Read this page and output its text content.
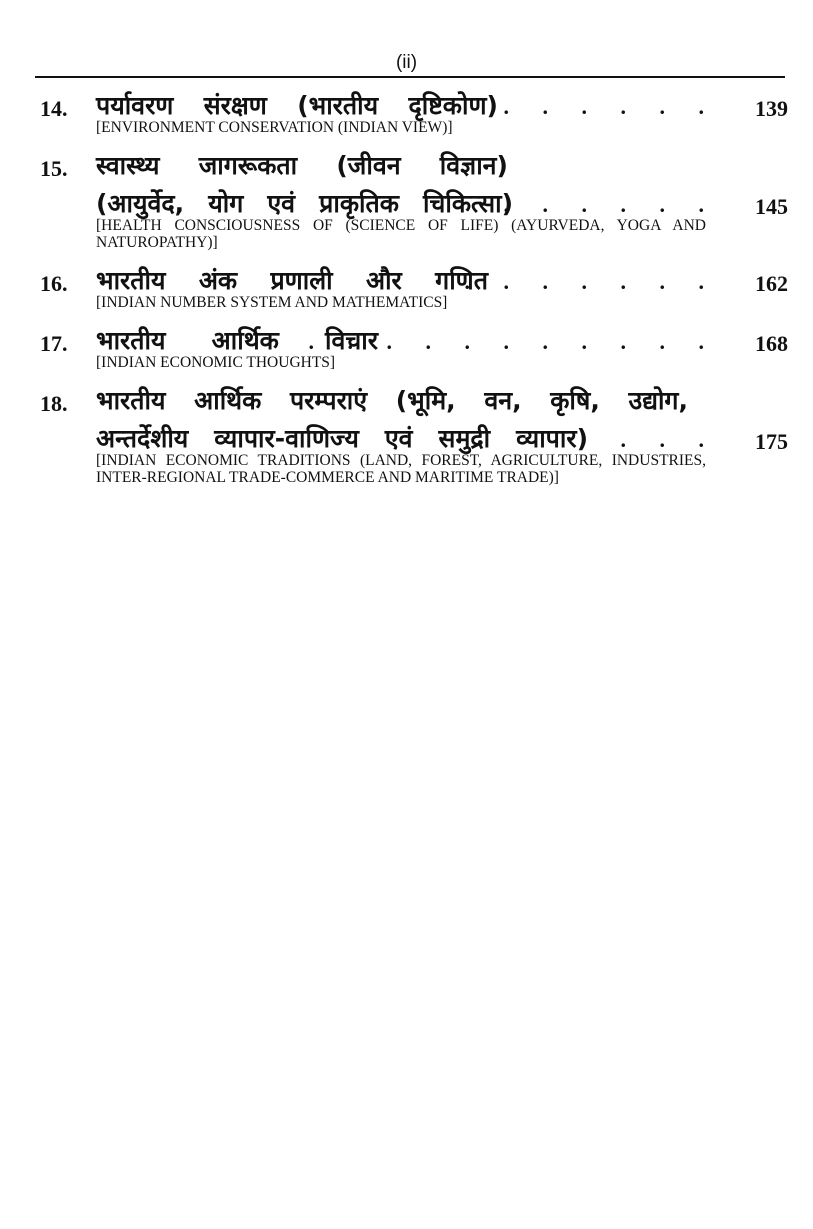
(ii)
14. पर्यावरण संरक्षण (भारतीय दृष्टिकोण) . . . . . . 139
[ENVIRONMENT CONSERVATION (INDIAN VIEW)]
15. स्वास्थ्य जागरूकता (जीवन विज्ञान)
(आयुर्वेद, योग एवं प्राकृतिक चिकित्सा)
. . . . . . 145
[HEALTH CONSCIOUSNESS OF (SCIENCE OF LIFE) (AYURVEDA, YOGA AND NATUROPATHY)]
16. भारतीय अंक प्रणाली और गणित
. . . . . . . 162
[INDIAN NUMBER SYSTEM AND MATHEMATICS]
17. भारतीय आर्थिक विचार
. . . . . . . . . . . 168
[INDIAN ECONOMIC THOUGHTS]
18. भारतीय आर्थिक परम्पराएं (भूमि, वन, कृषि, उद्योग,
अन्तर्देशीय व्यापार-वाणिज्य एवं समुद्री व्यापार) . . . 175
[INDIAN ECONOMIC TRADITIONS (LAND, FOREST, AGRICULTURE, INDUSTRIES, INTER-REGIONAL TRADE-COMMERCE AND MARITIME TRADE)]
